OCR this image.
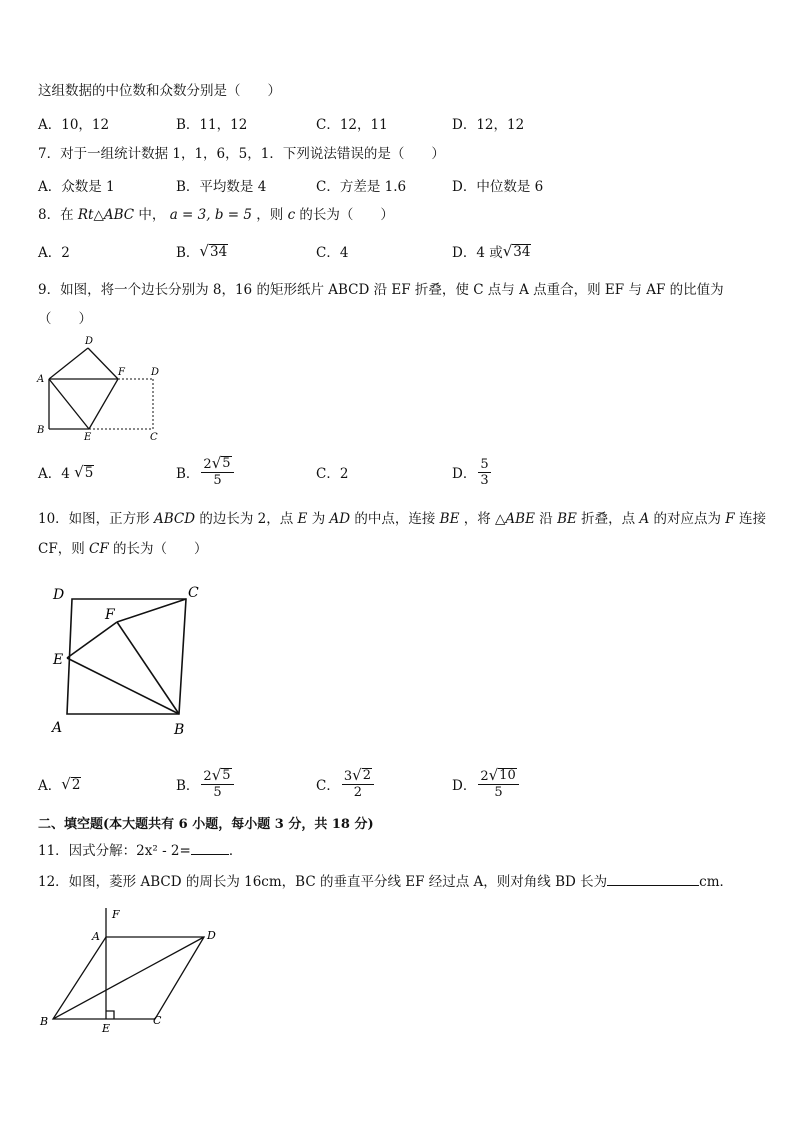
这组数据的中位数和众数分别是（　　）
A．10，12	B．11，12	C．12，11	D．12，12
7．对于一组统计数据 1，1，6，5，1．下列说法错误的是（　　）
A．众数是 1	B．平均数是 4	C．方差是 1.6	D．中位数是 6
8．在 Rt△ABC 中， a = 3, b = 5 ，则 c 的长为（　　）
A．2	B． √ 34	C．4	D．4 或 √ 34
9．如图，将一个边长分别为 8，16 的矩形纸片 ABCD 沿 EF 折叠，使 C 点与 A 点重合，则 EF 与 AF 的比值为
（　　）
A
B
D
F	D
E	C
A．4
√ 5	B． $\frac{2 √ 5}{5}$	C．2	D． $\frac{5}{3}$
10．如图，正方形 ABCD 的边长为 2，点 E 为 AD 的中点，连接 BE ，将 △ABE 沿 BE 折叠，点 A 的对应点为 F 连接
CF，则 CF 的长为（　　）
D	C
F
E
A	B
A． √ 2	B． $\frac{2 √ 5}{5}$	C． $\frac{3 √ 2}{2}$	D． $\frac{2 √ 10}{5}$
二、填空题(本大题共有 6 小题，每小题 3 分，共 18 分)
11．因式分解：2x² - 2=	．
12．如图，菱形 ABCD 的周长为 16cm，BC 的垂直平分线 EF 经过点 A，则对角线 BD 长为	cm．
F
A	D
B	C
E
